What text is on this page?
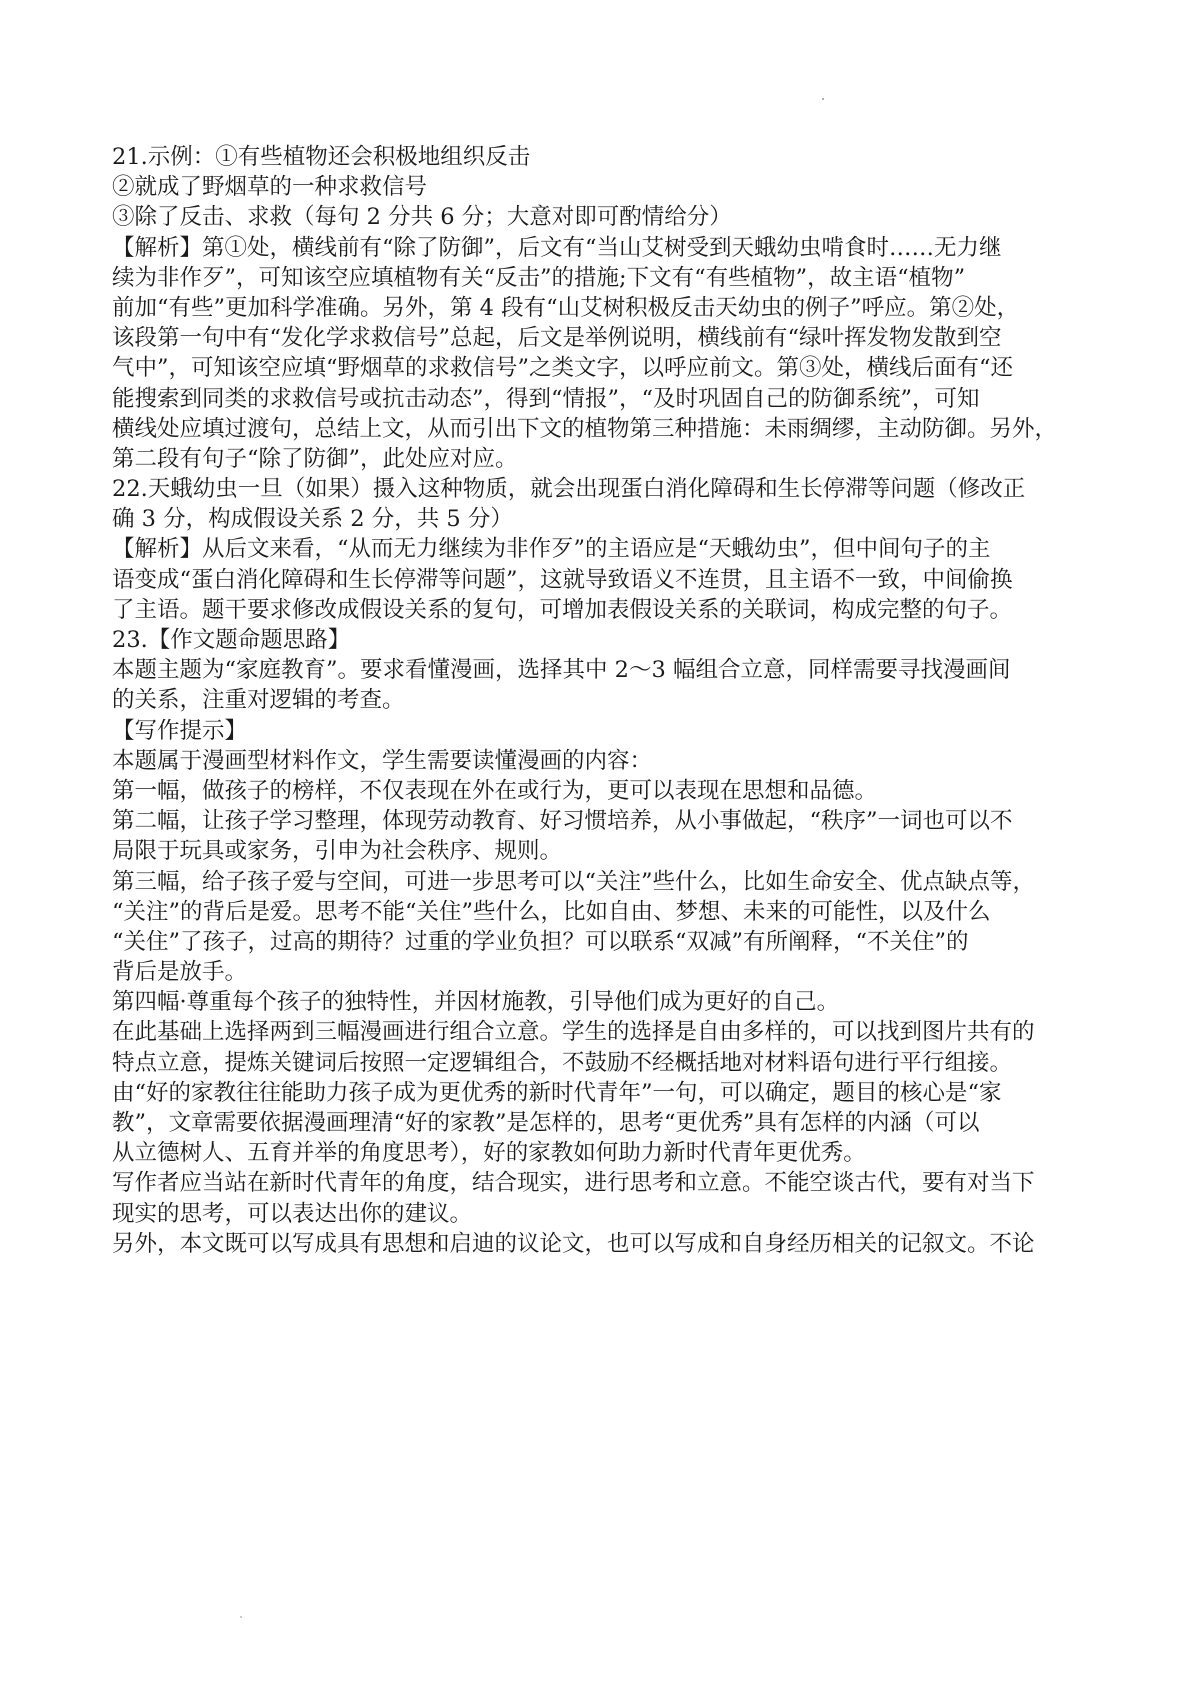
21.示例：①有些植物还会积极地组织反击
②就成了野烟草的一种求救信号
③除了反击、求救（每句 2 分共 6 分；大意对即可酌情给分）
【解析】第①处，横线前有“除了防御”，后文有“当山艾树受到天蛾幼虫啃食时……无力继
续为非作歹”，可知该空应填植物有关“反击”的措施;下文有“有些植物”，故主语“植物”
前加“有些”更加科学准确。另外，第 4 段有“山艾树积极反击天幼虫的例子”呼应。第②处，
该段第一句中有“发化学求救信号”总起，后文是举例说明，横线前有“绿叶挥发物发散到空
气中”，可知该空应填“野烟草的求救信号”之类文字，以呼应前文。第③处，横线后面有“还
能搜索到同类的求救信号或抗击动态”，得到“情报”，“及时巩固自己的防御系统”，可知
横线处应填过渡句，总结上文，从而引出下文的植物第三种措施：未雨绸缪，主动防御。另外，
第二段有句子“除了防御”，此处应对应。
22.天蛾幼虫一旦（如果）摄入这种物质，就会出现蛋白消化障碍和生长停滞等问题（修改正
确 3 分，构成假设关系 2 分，共 5 分）
【解析】从后文来看，“从而无力继续为非作歹”的主语应是“天蛾幼虫”，但中间句子的主
语变成“蛋白消化障碍和生长停滞等问题”，这就导致语义不连贯，且主语不一致，中间偷换
了主语。题干要求修改成假设关系的复句，可增加表假设关系的关联词，构成完整的句子。
23.【作文题命题思路】
本题主题为“家庭教育”。要求看懂漫画，选择其中 2～3 幅组合立意，同样需要寻找漫画间
的关系，注重对逻辑的考查。
【写作提示】
本题属于漫画型材料作文，学生需要读懂漫画的内容：
第一幅，做孩子的榜样，不仅表现在外在或行为，更可以表现在思想和品德。
第二幅，让孩子学习整理，体现劳动教育、好习惯培养，从小事做起，“秩序”一词也可以不
局限于玩具或家务，引申为社会秩序、规则。
第三幅，给子孩子爱与空间，可进一步思考可以“关注”些什么，比如生命安全、优点缺点等，
“关注”的背后是爱。思考不能“关住”些什么，比如自由、梦想、未来的可能性，以及什么
“关住”了孩子，过高的期待？过重的学业负担？可以联系“双减”有所阐释，“不关住”的
背后是放手。
第四幅·尊重每个孩子的独特性，并因材施教，引导他们成为更好的自己。
在此基础上选择两到三幅漫画进行组合立意。学生的选择是自由多样的，可以找到图片共有的
特点立意，提炼关键词后按照一定逻辑组合，不鼓励不经概括地对材料语句进行平行组接。
由“好的家教往往能助力孩子成为更优秀的新时代青年”一句，可以确定，题目的核心是“家
教”，文章需要依据漫画理清“好的家教”是怎样的，思考“更优秀”具有怎样的内涵（可以
从立德树人、五育并举的角度思考），好的家教如何助力新时代青年更优秀。
写作者应当站在新时代青年的角度，结合现实，进行思考和立意。不能空谈古代，要有对当下
现实的思考，可以表达出你的建议。
另外，本文既可以写成具有思想和启迪的议论文，也可以写成和自身经历相关的记叙文。不论
